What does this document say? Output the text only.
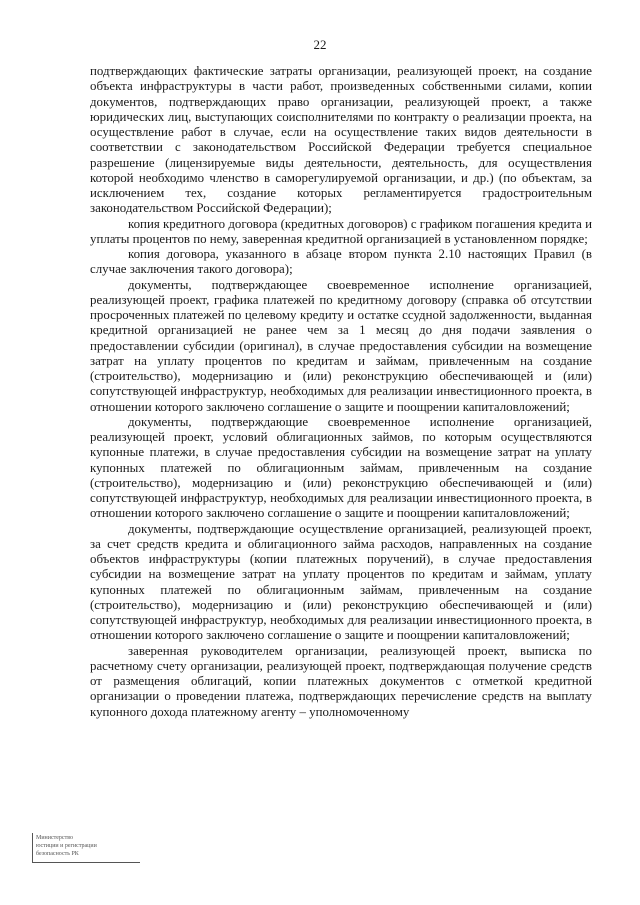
22

подтверждающих фактические затраты организации, реализующей проект, на создание объекта инфраструктуры в части работ, произведенных собственными силами, копии документов, подтверждающих право организации, реализующей проект, а также юридических лиц, выступающих соисполнителями по контракту о реализации проекта, на осуществление работ в случае, если на осуществление таких видов деятельности в соответствии с законодательством Российской Федерации требуется специальное разрешение (лицензируемые виды деятельности, деятельность, для осуществления которой необходимо членство в саморегулируемой организации, и др.) (по объектам, за исключением тех, создание которых регламентируется градостроительным законодательством Российской Федерации);

копия кредитного договора (кредитных договоров) с графиком погашения кредита и уплаты процентов по нему, заверенная кредитной организацией в установленном порядке;

копия договора, указанного в абзаце втором пункта 2.10 настоящих Правил (в случае заключения такого договора);

документы, подтверждающее своевременное исполнение организацией, реализующей проект, графика платежей по кредитному договору (справка об отсутствии просроченных платежей по целевому кредиту и остатке ссудной задолженности, выданная кредитной организацией не ранее чем за 1 месяц до дня подачи заявления о предоставлении субсидии (оригинал), в случае предоставления субсидии на возмещение затрат на уплату процентов по кредитам и займам, привлеченным на создание (строительство), модернизацию и (или) реконструкцию обеспечивающей и (или) сопутствующей инфраструктур, необходимых для реализации инвестиционного проекта, в отношении которого заключено соглашение о защите и поощрении капиталовложений;

документы, подтверждающие своевременное исполнение организацией, реализующей проект, условий облигационных займов, по которым осуществляются купонные платежи, в случае предоставления субсидии на возмещение затрат на уплату купонных платежей по облигационным займам, привлеченным на создание (строительство), модернизацию и (или) реконструкцию обеспечивающей и (или) сопутствующей инфраструктур, необходимых для реализации инвестиционного проекта, в отношении которого заключено соглашение о защите и поощрении капиталовложений;

документы, подтверждающие осуществление организацией, реализующей проект, за счет средств кредита и облигационного займа расходов, направленных на создание объектов инфраструктуры (копии платежных поручений), в случае предоставления субсидии на возмещение затрат на уплату процентов по кредитам и займам, уплату купонных платежей по облигационным займам, привлеченным на создание (строительство), модернизацию и (или) реконструкцию обеспечивающей и (или) сопутствующей инфраструктур, необходимых для реализации инвестиционного проекта, в отношении которого заключено соглашение о защите и поощрении капиталовложений;

заверенная руководителем организации, реализующей проект, выписка по расчетному счету организации, реализующей проект, подтверждающая получение средств от размещения облигаций, копии платежных документов с отметкой кредитной организации о проведении платежа, подтверждающих перечисление средств на выплату купонного дохода платежному агенту – уполномоченному

Министерство
юстиции и регистрации
безопасность РК
